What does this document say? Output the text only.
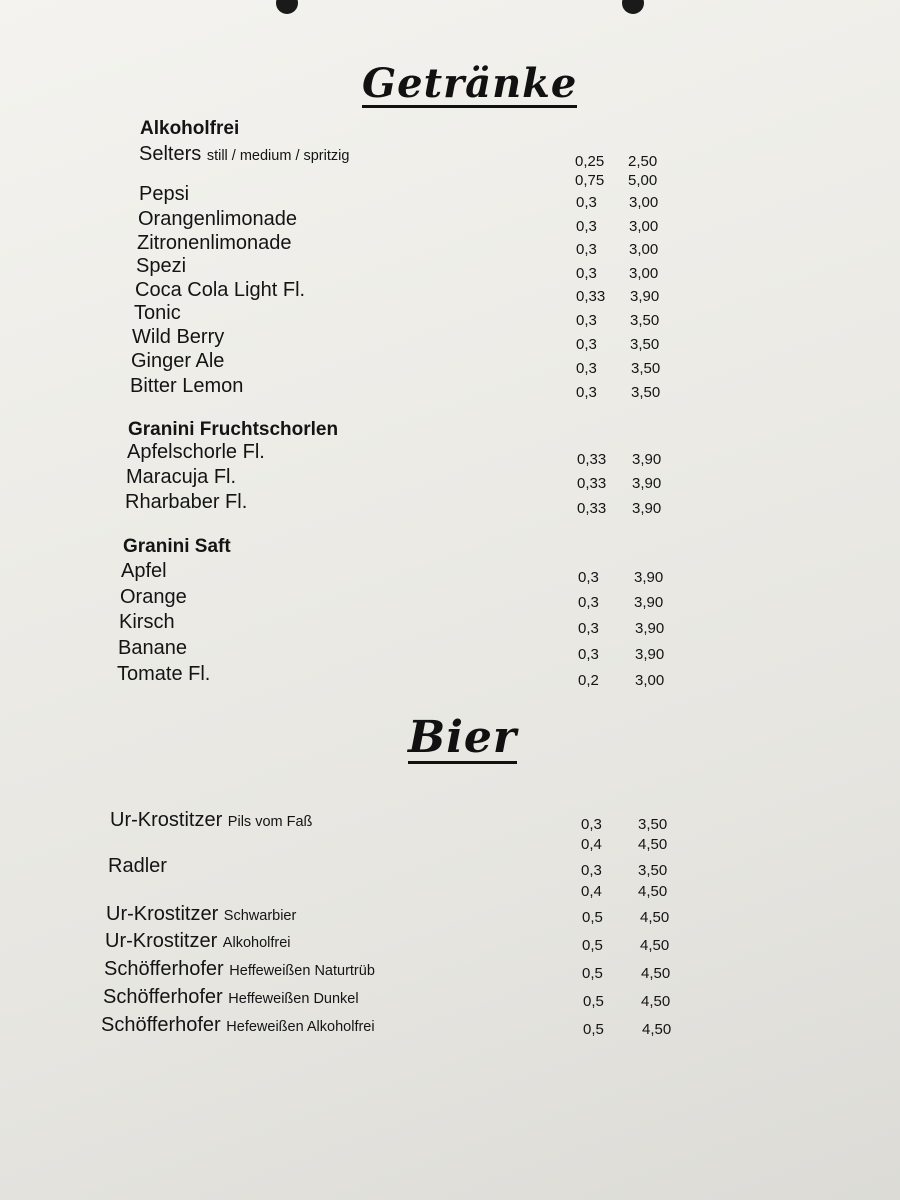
Getränke
Alkoholfrei
Selters still / medium / spritzig	0,25 2,50
0,75 5,00
Pepsi	0,3 3,00
Orangenlimonade	0,3 3,00
Zitronenlimonade	0,3 3,00
Spezi	0,3 3,00
Coca Cola Light Fl.	0,33 3,90
Tonic	0,3 3,50
Wild Berry	0,3 3,50
Ginger Ale	0,3 3,50
Bitter Lemon	0,3 3,50
Granini Fruchtschorlen
Apfelschorle Fl.	0,33 3,90
Maracuja Fl.	0,33 3,90
Rharbaber Fl.	0,33 3,90
Granini Saft
Apfel	0,3 3,90
Orange	0,3 3,90
Kirsch	0,3 3,90
Banane	0,3 3,90
Tomate Fl.	0,2 3,00
Bier
Ur-Krostitzer Pils vom Faß	0,3 3,50
0,4 4,50
Radler	0,3 3,50
0,4 4,50
Ur-Krostitzer Schwarbier	0,5 4,50
Ur-Krostitzer Alkoholfrei	0,5 4,50
Schöfferhofer Heffeweißen Naturtrüb	0,5	4,50
Schöfferhofer Heffeweißen Dunkel	0,5 4,50
Schöfferhofer Hefeweißen Alkoholfrei	0,5	4,50
